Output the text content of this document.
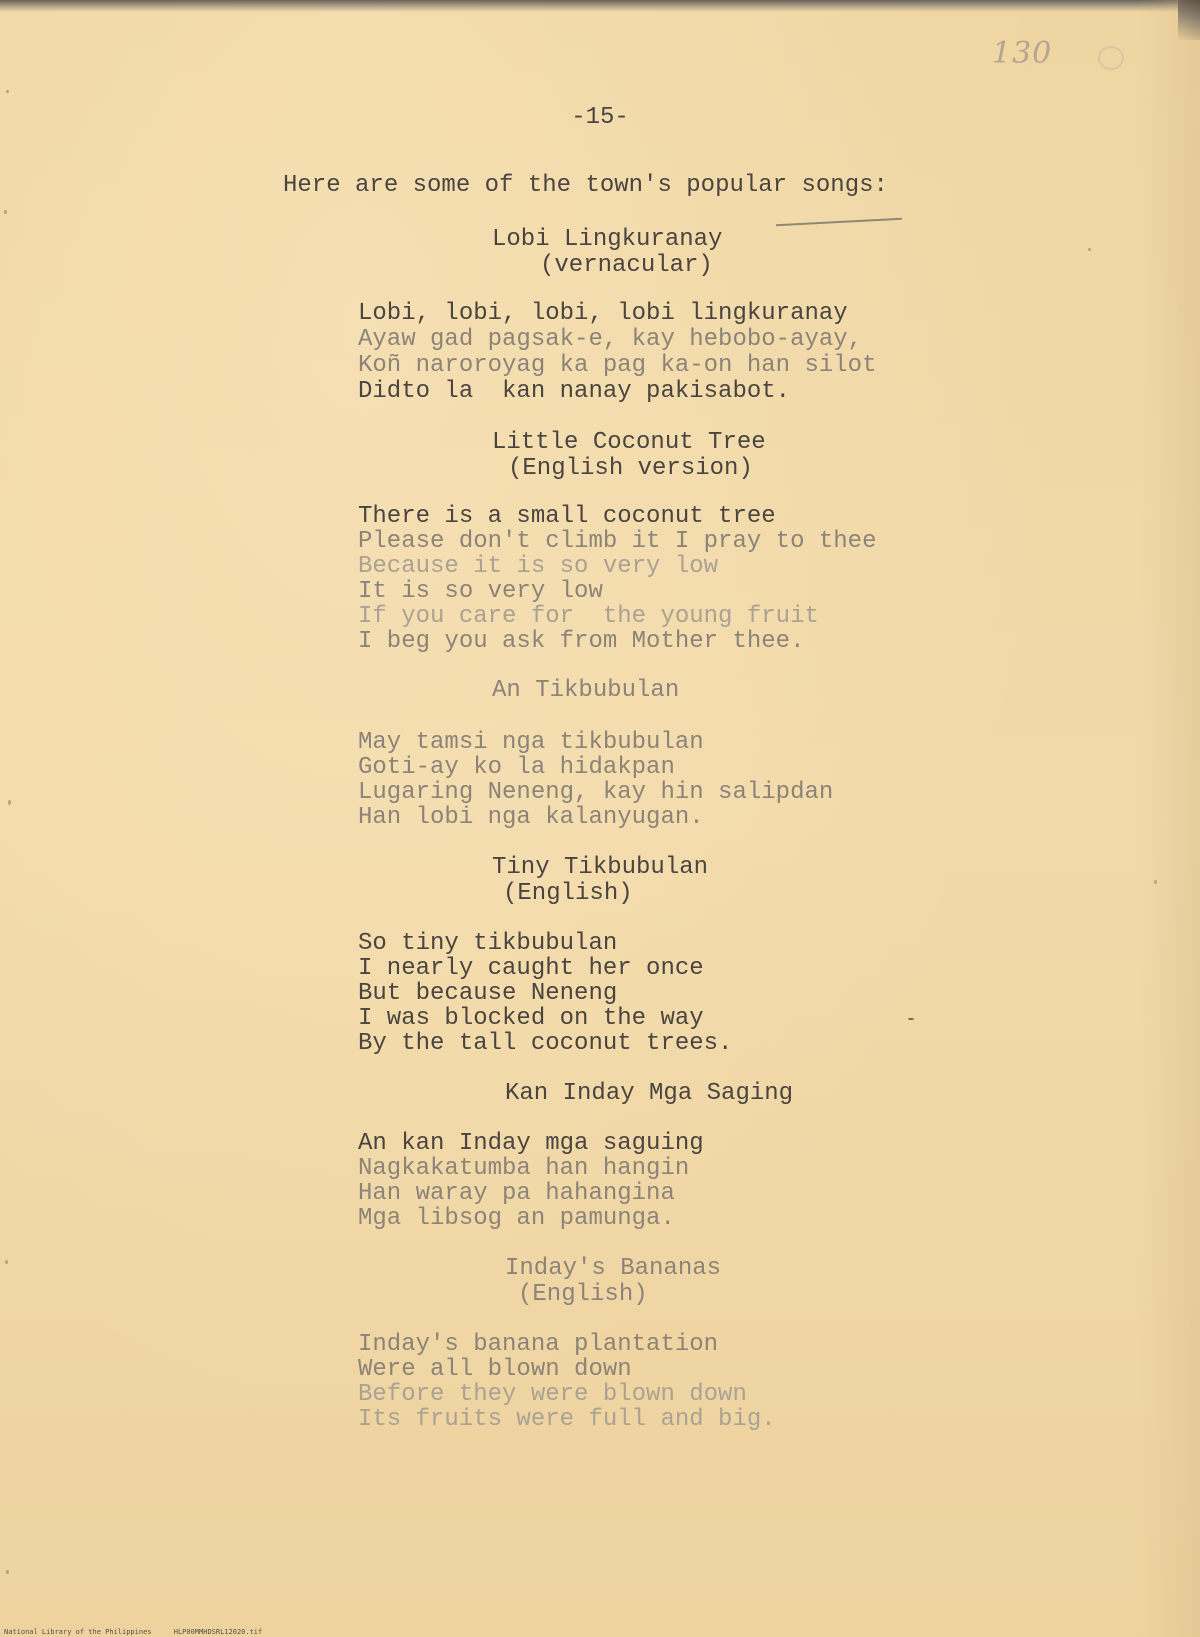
130
-15-
Here are some of the town's popular songs:
Lobi Lingkuranay
(vernacular)
Lobi, lobi, lobi, lobi lingkuranay
Ayaw gad pagsak-e, kay hebobo-ayay,
Koñ naroroyag ka pag ka-on han silot
Didto la  kan nanay pakisabot.
Little Coconut Tree
(English version)
There is a small coconut tree
Please don't climb it I pray to thee
Because it is so very low
It is so very low
If you care for  the young fruit
I beg you ask from Mother thee.
An Tikbubulan
May tamsi nga tikbubulan
Goti-ay ko la hidakpan
Lugaring Neneng, kay hin salipdan
Han lobi nga kalanyugan.
Tiny Tikbubulan
(English)
So tiny tikbubulan
I nearly caught her once
But because Neneng
I was blocked on the way
By the tall coconut trees.
Kan Inday Mga Saging
An kan Inday mga saguing
Nagkakatumba han hangin
Han waray pa hahangina
Mga libsog an pamunga.
Inday's Bananas
(English)
Inday's banana plantation
Were all blown down
Before they were blown down
Its fruits were full and big.
National Library of the Philippines	HLP00MMHDSRL12020.tif
